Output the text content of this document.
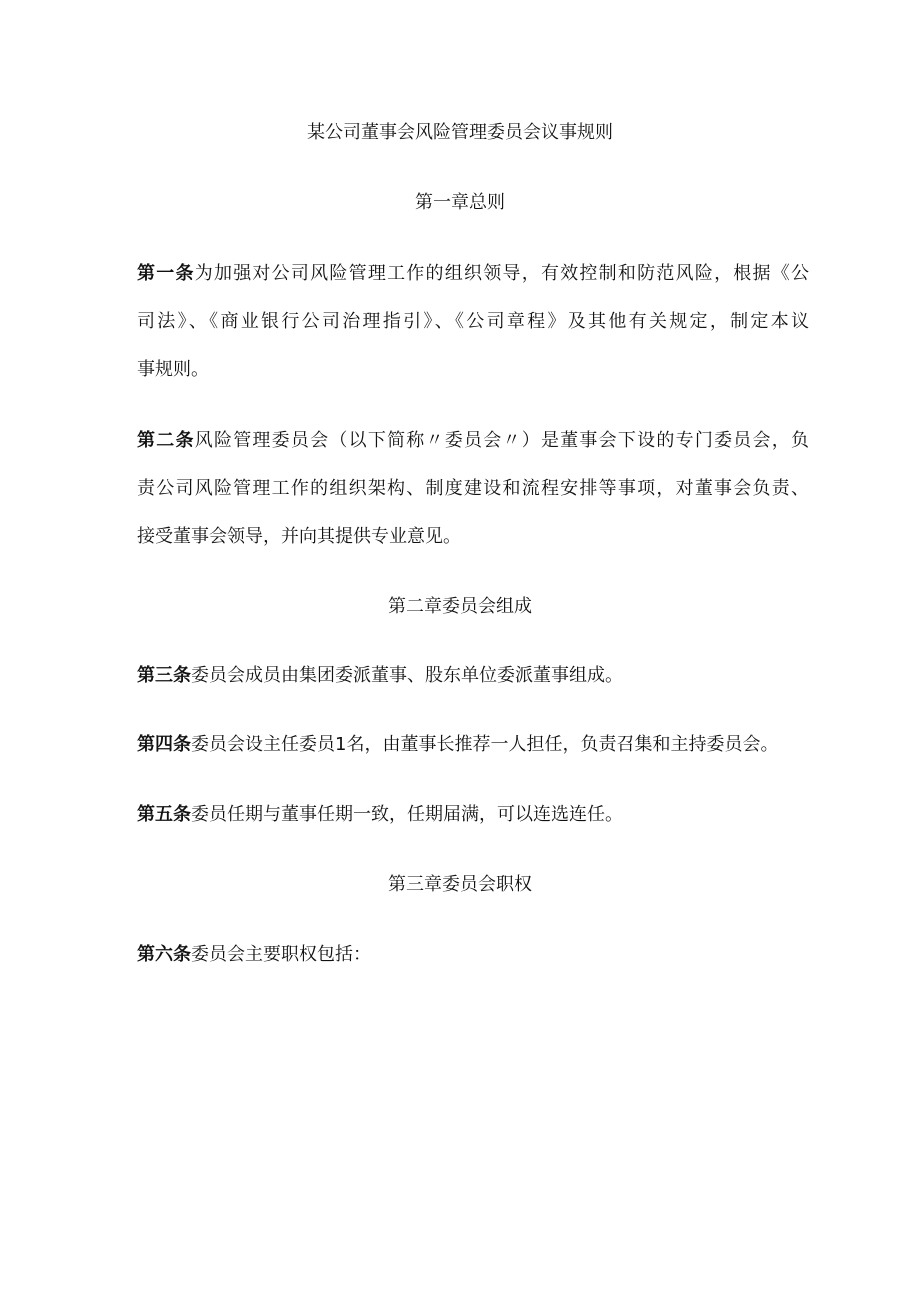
某公司董事会风险管理委员会议事规则
第一章总则
第一条为加强对公司风险管理工作的组织领导，有效控制和防范风险，根据《公
司法》、《商业银行公司治理指引》、《公司章程》及其他有关规定，制定本议
事规则。
第二条风险管理委员会（以下简称〃委员会〃）是董事会下设的专门委员会，负
责公司风险管理工作的组织架构、制度建设和流程安排等事项，对董事会负责、
接受董事会领导，并向其提供专业意见。
第二章委员会组成
第三条委员会成员由集团委派董事、股东单位委派董事组成。
第四条委员会设主任委员1名，由董事长推荐一人担任，负责召集和主持委员会。
第五条委员任期与董事任期一致，任期届满，可以连选连任。
第三章委员会职权
第六条委员会主要职权包括：
